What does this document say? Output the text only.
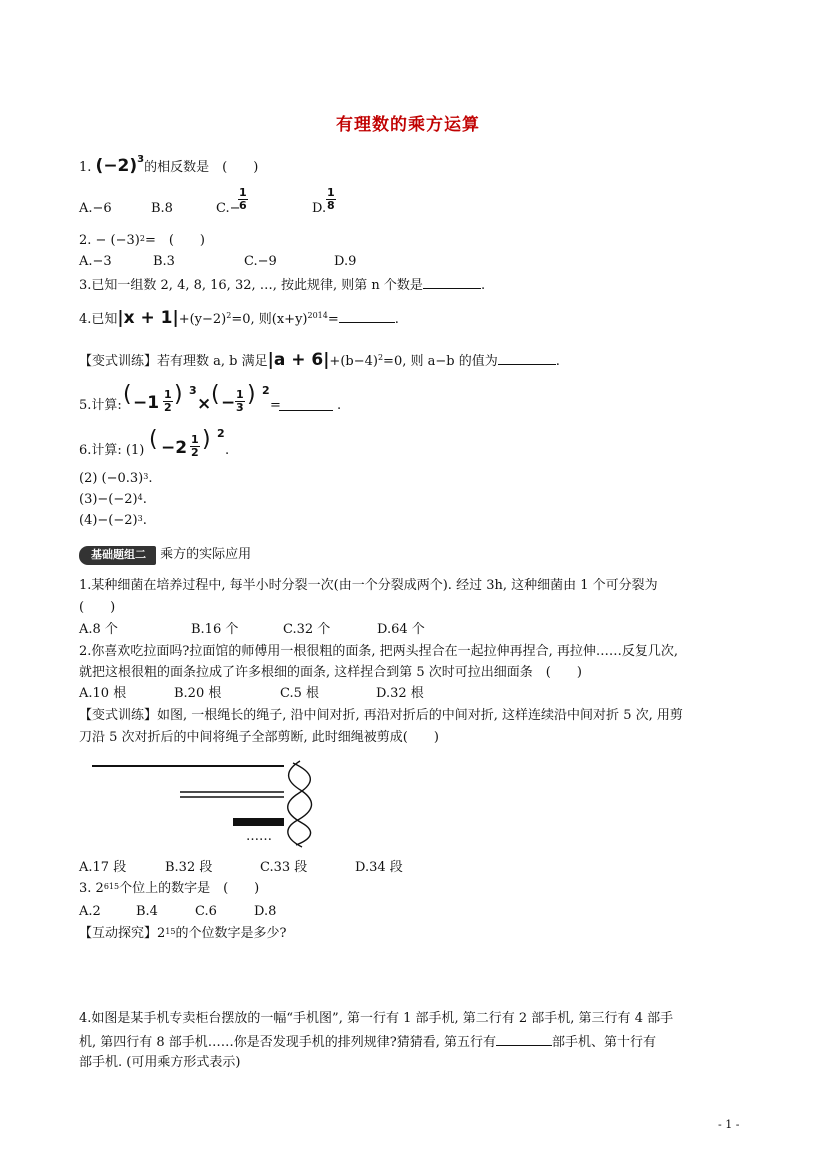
有理数的乘方运算
1. $(-2)^3$的相反数是　(　　)
A.−6	B.8	C.−
$\frac{1}{6}$	D. $\frac{1}{8}$
2. − $(-3)^2=$　(　　)
A.−3	B.3	C.−9	D.9
3.已知一组数 2, 4, 8, 16, 32, …, 按此规律, 则第 n 个数是	.
4.已知$|x + 1|+(y-2)^2=0$, 则$(x+y)^{2014}=$	.
【变式训练】若有理数 a, b 满足$|a + 6|+(b-4)^2=0$, 则 a−b 的值为	.
5.计算: ( $-1 \frac{1}{2}$ ) 3
× ( − $\frac{1}{3}$ ) 2
=	.
6.计算: (1) ( $-2 \frac{1}{2}$ ) 2
.
(2) $(-0.3)^3$.
$(3)-(-2)^4$.
$(4)-(-2)^3$.
基础题组二 乘方的实际应用
1.某种细菌在培养过程中, 每半小时分裂一次(由一个分裂成两个). 经过 3h, 这种细菌由 1 个可分裂为
(　　)
A.8 个	B.16 个	C.32 个	D.64 个
2.你喜欢吃拉面吗?拉面馆的师傅用一根很粗的面条, 把两头捏合在一起拉伸再捏合, 再拉伸……反复几次,
就把这根很粗的面条拉成了许多根细的面条, 这样捏合到第 5 次时可拉出细面条　(　　)
A.10 根	B.20 根	C.5 根	D.32 根
【变式训练】如图, 一根绳长的绳子, 沿中间对折, 再沿对折后的中间对折, 这样连续沿中间对折 5 次, 用剪
刀沿 5 次对折后的中间将绳子全部剪断, 此时细绳被剪成(　　)
……
A.17 段	B.32 段	C.33 段	D.34 段
3. $2^{615}$个位上的数字是　(　　)
A.2	B.4	C.6	D.8
【互动探究】$2^{15}$的个位数字是多少?
4.如图是某手机专卖柜台摆放的一幅“手机图”, 第一行有 1 部手机, 第二行有 2 部手机, 第三行有 4 部手
机, 第四行有 8 部手机……你是否发现手机的排列规律?猜猜看, 第五行有	部手机、第十行有
部手机. (可用乘方形式表示)
- 1 -
